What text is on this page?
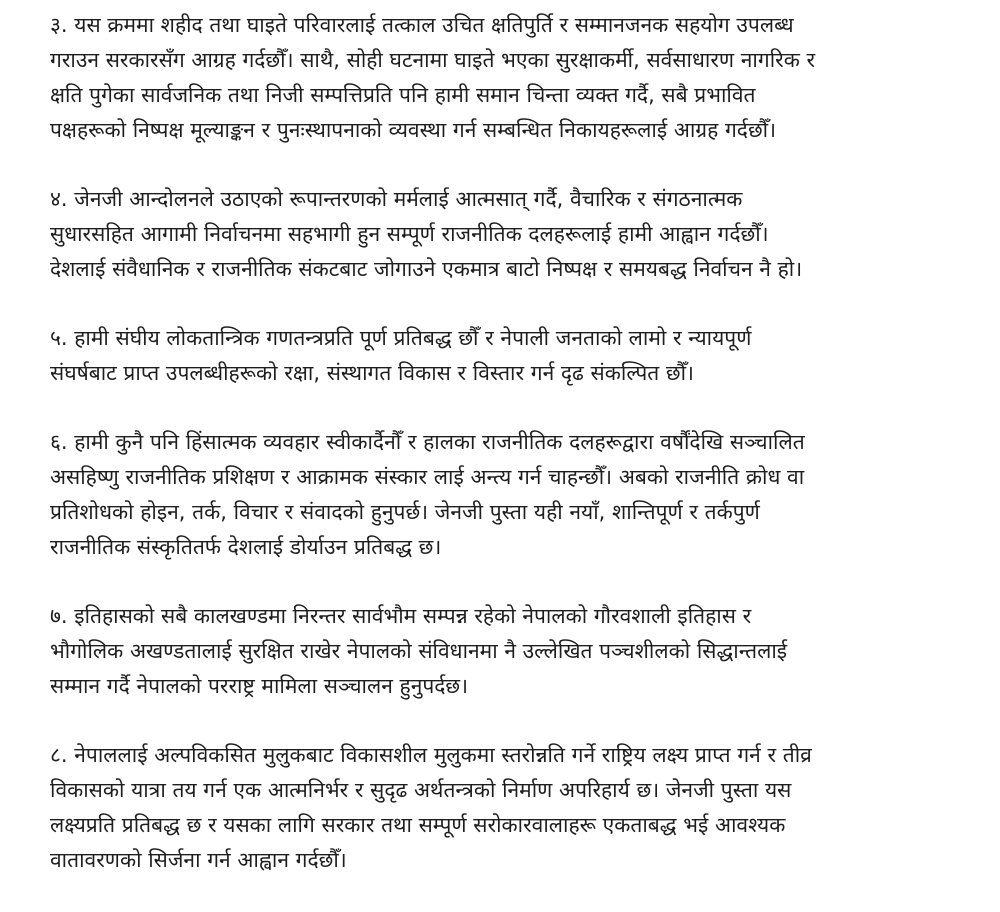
३. यस क्रममा शहीद तथा घाइते परिवारलाई तत्काल उचित क्षतिपुर्ति र सम्मानजनक सहयोग उपलब्ध
गराउन सरकारसँग आग्रह गर्दछौँ। साथै, सोही घटनामा घाइते भएका सुरक्षाकर्मी, सर्वसाधारण नागरिक र
क्षति पुगेका सार्वजनिक तथा निजी सम्पत्तिप्रति पनि हामी समान चिन्ता व्यक्त गर्दै, सबै प्रभावित
पक्षहरूको निष्पक्ष मूल्याङ्कन र पुनःस्थापनाको व्यवस्था गर्न सम्बन्धित निकायहरूलाई आग्रह गर्दछौँ।
४. जेनजी आन्दोलनले उठाएको रूपान्तरणको मर्मलाई आत्मसात् गर्दै, वैचारिक र संगठनात्मक
सुधारसहित आगामी निर्वाचनमा सहभागी हुन सम्पूर्ण राजनीतिक दलहरूलाई हामी आह्वान गर्दछौँ।
देशलाई संवैधानिक र राजनीतिक संकटबाट जोगाउने एकमात्र बाटो निष्पक्ष र समयबद्ध निर्वाचन नै हो।
५. हामी संघीय लोकतान्त्रिक गणतन्त्रप्रति पूर्ण प्रतिबद्ध छौँ र नेपाली जनताको लामो र न्यायपूर्ण
संघर्षबाट प्राप्त उपलब्धीहरूको रक्षा, संस्थागत विकास र विस्तार गर्न दृढ संकल्पित छौँ।
६. हामी कुनै पनि हिंसात्मक व्यवहार स्वीकार्दैनौँ र हालका राजनीतिक दलहरूद्वारा वर्षौंदेखि सञ्चालित
असहिष्णु राजनीतिक प्रशिक्षण र आक्रामक संस्कार लाई अन्त्य गर्न चाहन्छौँ। अबको राजनीति क्रोध वा
प्रतिशोधको होइन, तर्क, विचार र संवादको हुनुपर्छ। जेनजी पुस्ता यही नयाँ, शान्तिपूर्ण र तर्कपुर्ण
राजनीतिक संस्कृतितर्फ देशलाई डोर्याउन प्रतिबद्ध छ।
७. इतिहासको सबै कालखण्डमा निरन्तर सार्वभौम सम्पन्न रहेको नेपालको गौरवशाली इतिहास र
भौगोलिक अखण्डतालाई सुरक्षित राखेर नेपालको संविधानमा नै उल्लेखित पञ्चशीलको सिद्धान्तलाई
सम्मान गर्दै नेपालको परराष्ट्र मामिला सञ्चालन हुनुपर्दछ।
८. नेपाललाई अल्पविकसित मुलुकबाट विकासशील मुलुकमा स्तरोन्नति गर्ने राष्ट्रिय लक्ष्य प्राप्त गर्न र तीव्र
विकासको यात्रा तय गर्न एक आत्मनिर्भर र सुदृढ अर्थतन्त्रको निर्माण अपरिहार्य छ। जेनजी पुस्ता यस
लक्ष्यप्रति प्रतिबद्ध छ र यसका लागि सरकार तथा सम्पूर्ण सरोकारवालाहरू एकताबद्ध भई आवश्यक
वातावरणको सिर्जना गर्न आह्वान गर्दछौँ।
